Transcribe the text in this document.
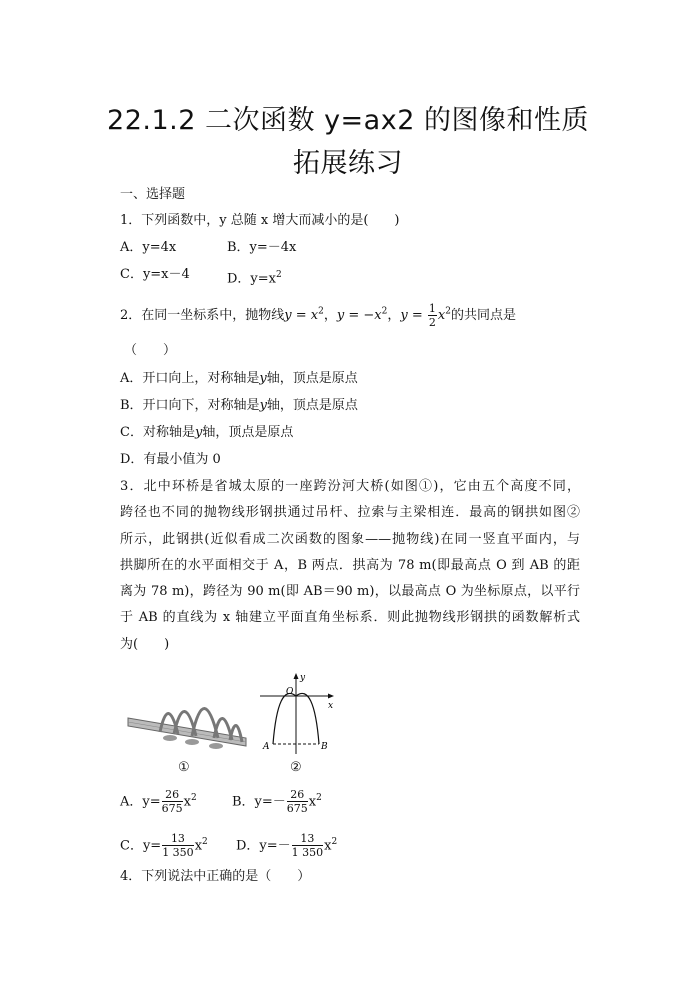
22.1.2 二次函数 y=ax2 的图像和性质
拓展练习
一、选择题
1．下列函数中，y 总随 x 增大而减小的是(　　)
A．y=4x	B．y=－4x
C．y=x－4	D．$y=x^2$
2．在同一坐标系中，抛物线$y = x^2$，$y = -x^2$，$y = \frac{1}{2} x^2$的共同点是
（　　）
A．开口向上，对称轴是y轴，顶点是原点
B．开口向下，对称轴是y轴，顶点是原点
C．对称轴是y轴，顶点是原点
D．有最小值为 0
3．北中环桥是省城太原的一座跨汾河大桥(如图①)，它由五个高度不同，
跨径也不同的抛物线形钢拱通过吊杆、拉索与主梁相连．最高的钢拱如图②
所示，此钢拱(近似看成二次函数的图象——抛物线)在同一竖直平面内，与
拱脚所在的水平面相交于 A，B 两点．拱高为 78 m(即最高点 O 到 AB 的距
离为 78 m)，跨径为 90 m(即 AB＝90 m)，以最高点 O 为坐标原点，以平行
于 AB 的直线为 x 轴建立平面直角坐标系．则此抛物线形钢拱的函数解析式
为(　　)
①
O
y
x
A	B
②
A．$y= \frac{26}{675} x^2$	B．$y=- \frac{26}{675} x^2$
C．$y= \frac{13}{1 350} x^2$ D．$y=- \frac{13}{1 350} x^2$
4．下列说法中正确的是（　　）
